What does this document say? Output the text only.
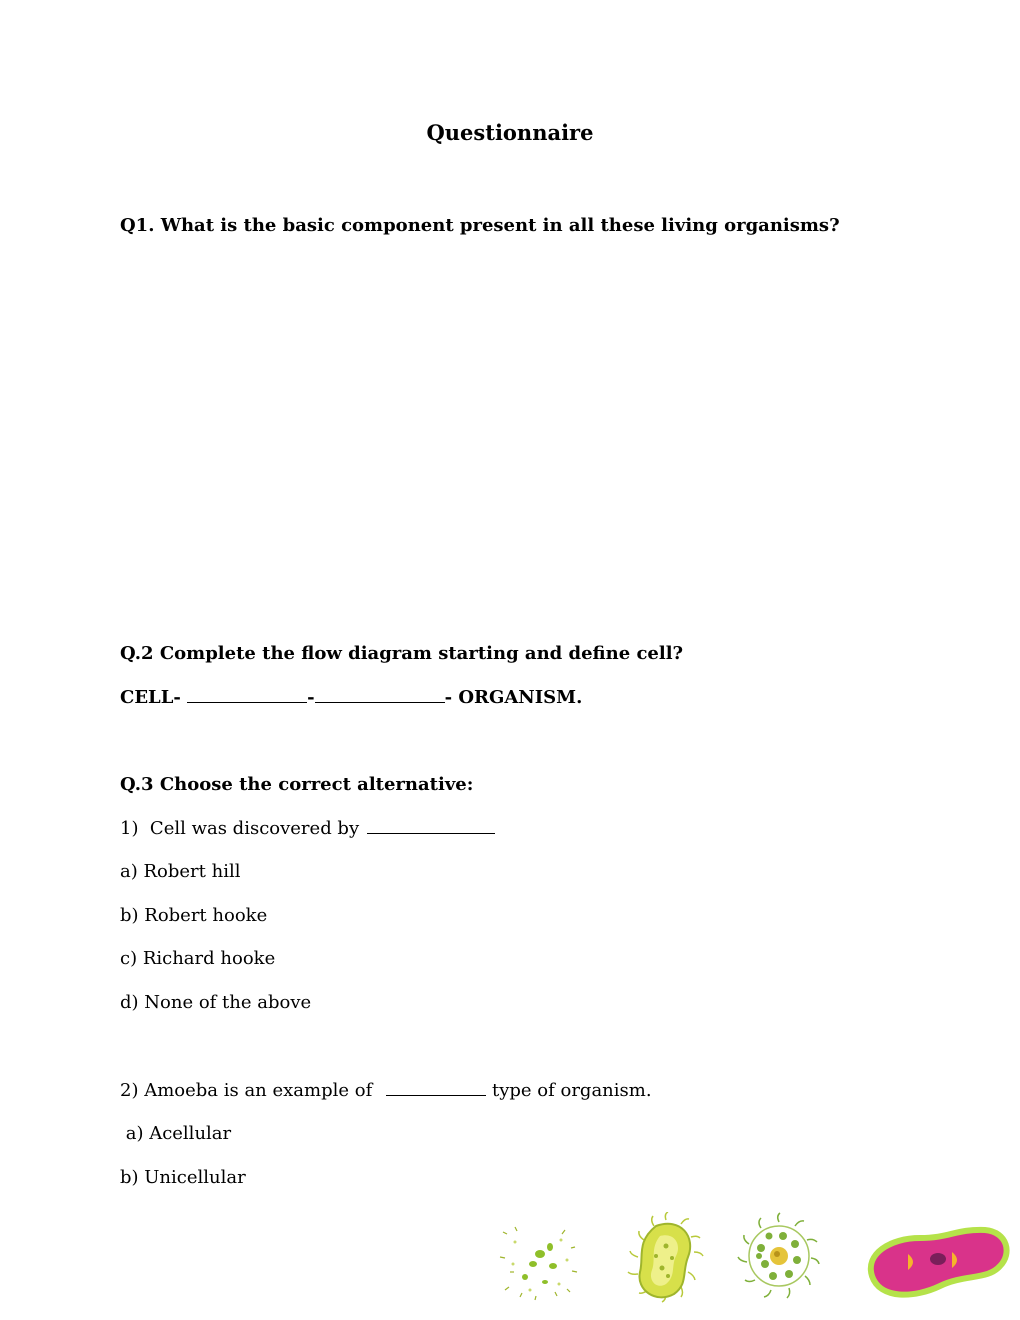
Questionnaire

Q1. What is the basic component present in all these living organisms?

Q.2 Complete the flow diagram starting and define cell?

CELL-	-	- ORGANISM.

Q.3 Choose the correct alternative:

1)  Cell was discovered by

a) Robert hill

b) Robert hooke

c) Richard hooke

d) None of the above

2) Amoeba is an example of	type of organism.

a) Acellular

b) Unicellular
